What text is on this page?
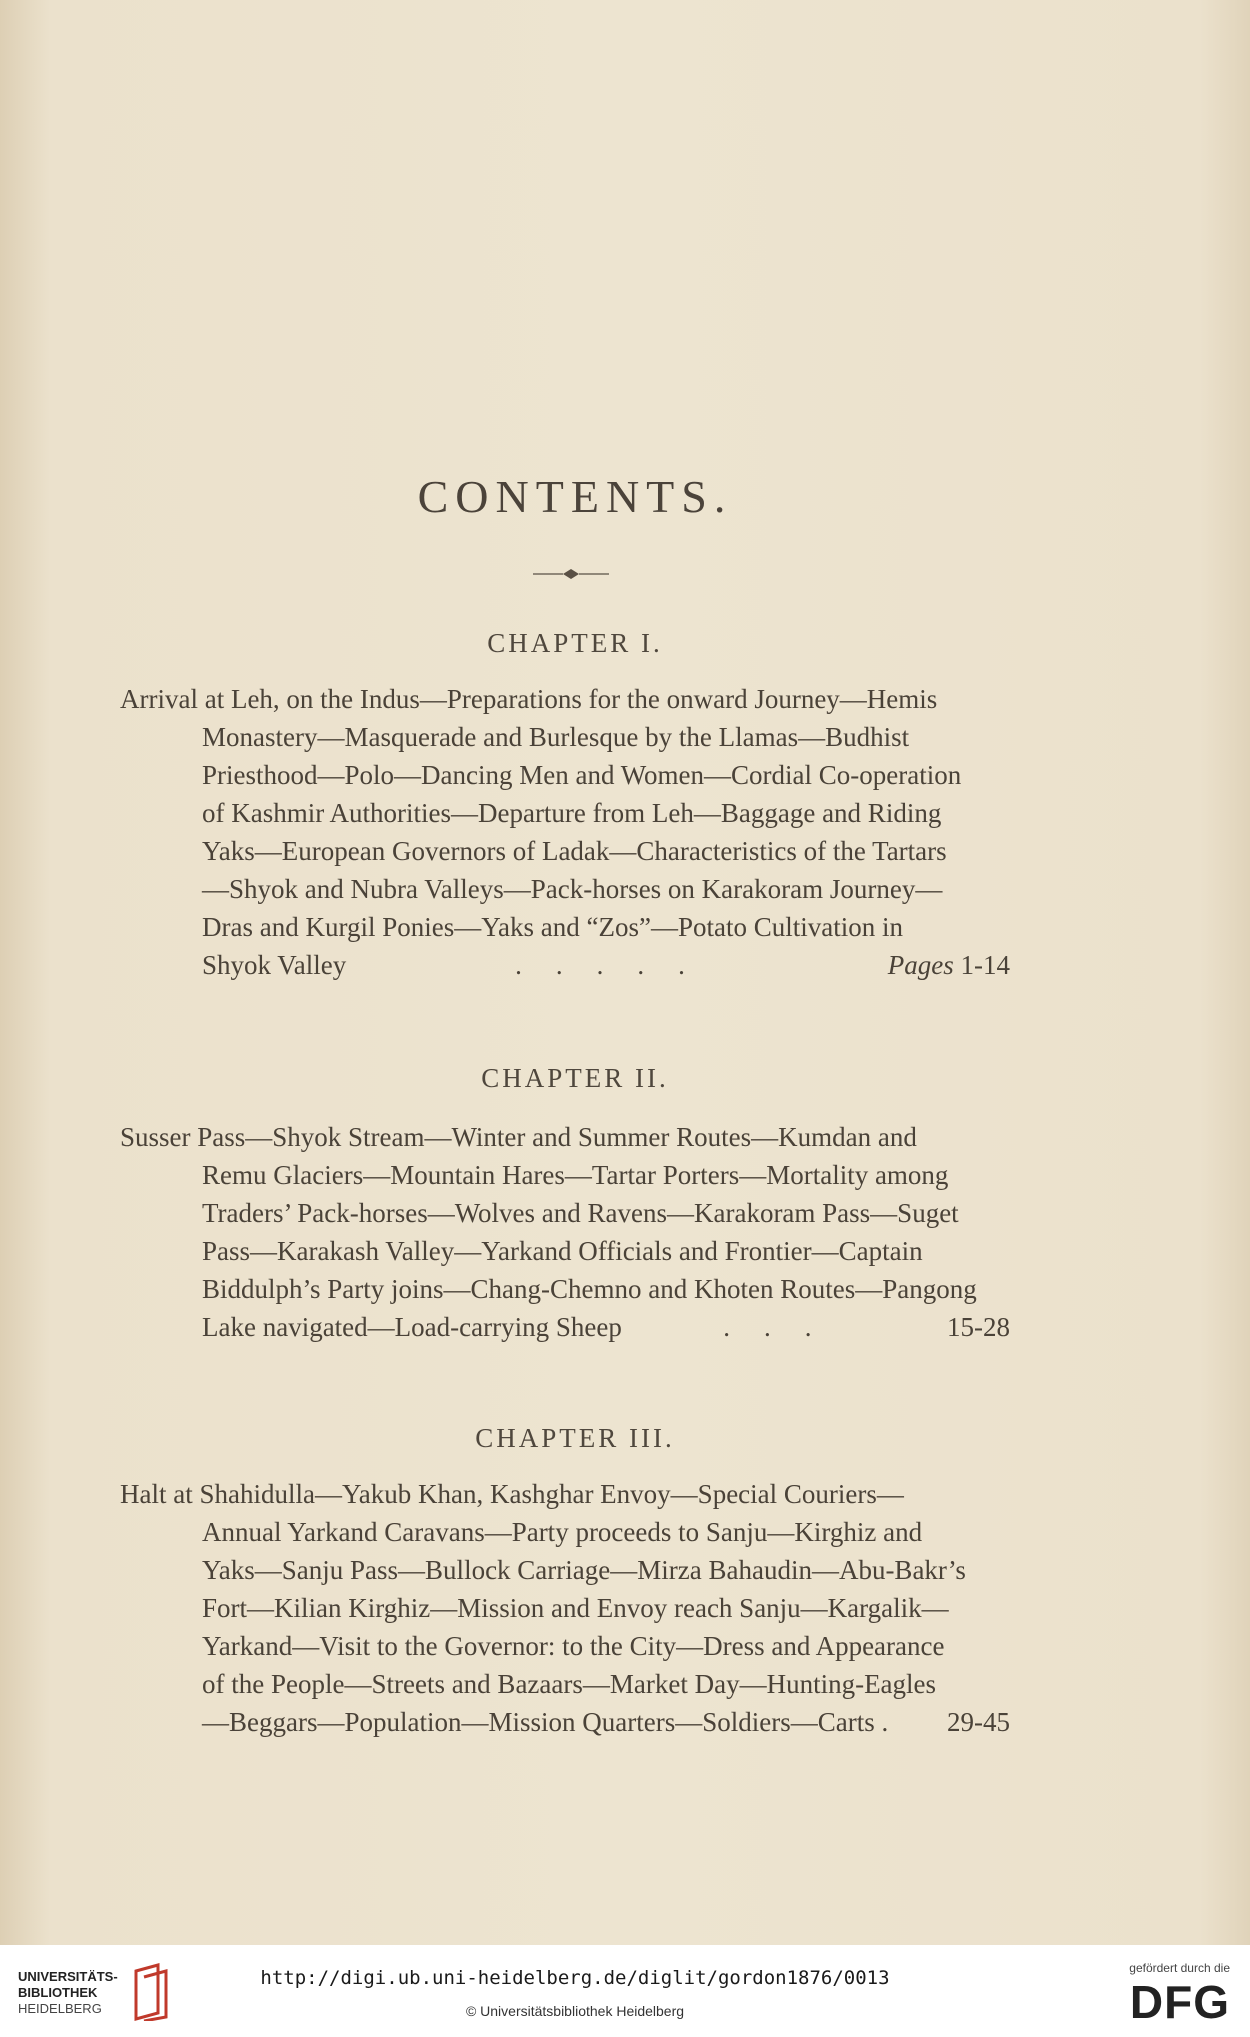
CONTENTS.
CHAPTER I.
Arrival at Leh, on the Indus—Preparations for the onward Journey—Hemis
Monastery—Masquerade and Burlesque by the Llamas—Budhist
Priesthood—Polo—Dancing Men and Women—Cordial Co-operation
of Kashmir Authorities—Departure from Leh—Baggage and Riding
Yaks—European Governors of Ladak—Characteristics of the Tartars
—Shyok and Nubra Valleys—Pack-horses on Karakoram Journey—
Dras and Kurgil Ponies—Yaks and “Zos”—Potato Cultivation in
Shyok Valley	.....	Pages 1-14
CHAPTER II.
Susser Pass—Shyok Stream—Winter and Summer Routes—Kumdan and
Remu Glaciers—Mountain Hares—Tartar Porters—Mortality among
Traders’ Pack-horses—Wolves and Ravens—Karakoram Pass—Suget
Pass—Karakash Valley—Yarkand Officials and Frontier—Captain
Biddulph’s Party joins—Chang-Chemno and Khoten Routes—Pangong
Lake navigated—Load-carrying Sheep	...	15-28
CHAPTER III.
Halt at Shahidulla—Yakub Khan, Kashghar Envoy—Special Couriers—
Annual Yarkand Caravans—Party proceeds to Sanju—Kirghiz and
Yaks—Sanju Pass—Bullock Carriage—Mirza Bahaudin—Abu-Bakr’s
Fort—Kilian Kirghiz—Mission and Envoy reach Sanju—Kargalik—
Yarkand—Visit to the Governor: to the City—Dress and Appearance
of the People—Streets and Bazaars—Market Day—Hunting-Eagles
—Beggars—Population—Mission Quarters—Soldiers—Carts . 29-45
UNIVERSITÄTS-
BIBLIOTHEK
HEIDELBERG
http://digi.ub.uni-heidelberg.de/diglit/gordon1876/0013
© Universitätsbibliothek Heidelberg
gefördert durch die
DFG
